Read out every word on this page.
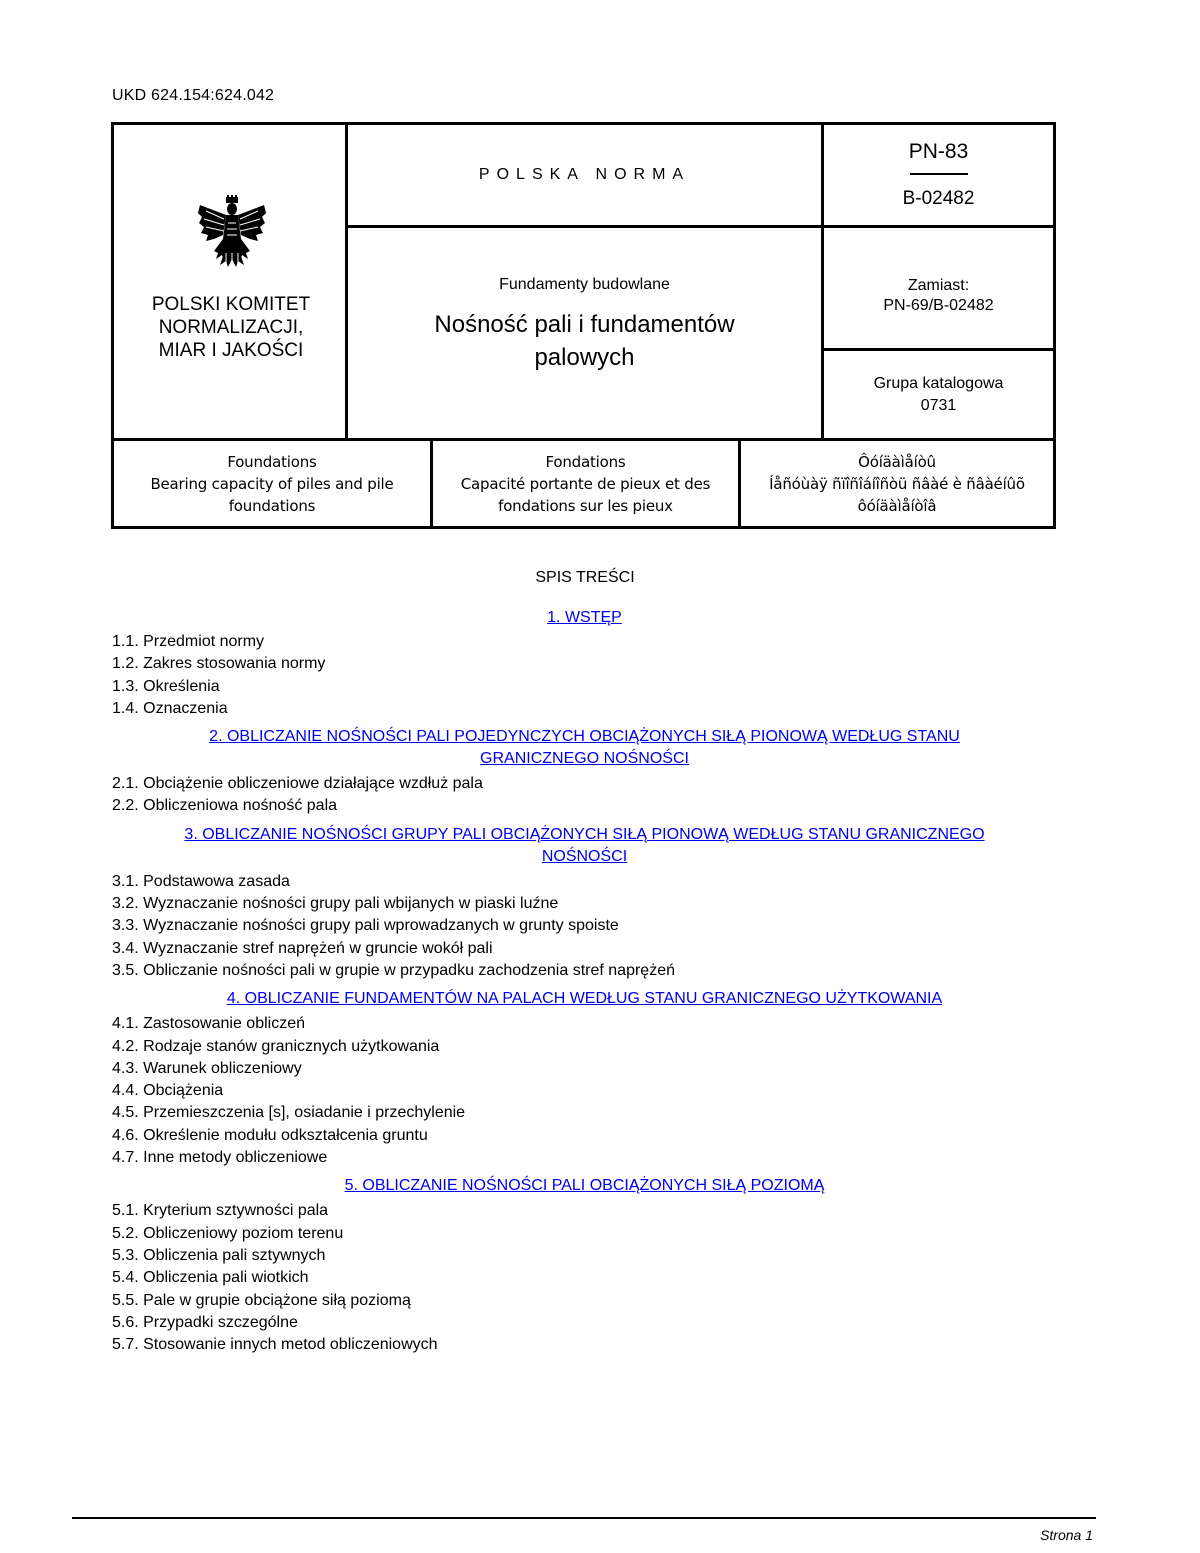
UKD 624.154:624.042
POLSKI KOMITET
NORMALIZACJI,
MIAR I JAKOŚCI
POLSKA NORMA
Fundamenty budowlane
Nośność pali i fundamentów
palowych
PN-83
B-02482
Zamiast:
PN-69/B-02482
Grupa katalogowa
0731
Foundations
Bearing capacity of piles and pile
foundations
Fondations
Capacité portante de pieux et des
fondations sur les pieux
Ôóíäàìåíòû
Íåñóùàÿ ñïîñîáíîñòü ñâàé è ñâàéíûõ
ôóíäàìåíòîâ
SPIS TREŚCI
1. WSTĘP
1.1. Przedmiot normy
1.2. Zakres stosowania normy
1.3. Określenia
1.4. Oznaczenia
2. OBLICZANIE NOŚNOŚCI PALI POJEDYNCZYCH OBCIĄŻONYCH SIŁĄ PIONOWĄ WEDŁUG STANU GRANICZNEGO NOŚNOŚCI
2.1. Obciążenie obliczeniowe działające wzdłuż pala
2.2. Obliczeniowa nośność pala
3. OBLICZANIE NOŚNOŚCI GRUPY PALI OBCIĄŻONYCH SIŁĄ PIONOWĄ WEDŁUG STANU GRANICZNEGO NOŚNOŚCI
3.1. Podstawowa zasada
3.2. Wyznaczanie nośności grupy pali wbijanych w piaski luźne
3.3. Wyznaczanie nośności grupy pali wprowadzanych w grunty spoiste
3.4. Wyznaczanie stref naprężeń w gruncie wokół pali
3.5. Obliczanie nośności pali w grupie w przypadku zachodzenia stref naprężeń
4. OBLICZANIE FUNDAMENTÓW NA PALACH WEDŁUG STANU GRANICZNEGO UŻYTKOWANIA
4.1. Zastosowanie obliczeń
4.2. Rodzaje stanów granicznych użytkowania
4.3. Warunek obliczeniowy
4.4. Obciążenia
4.5. Przemieszczenia [s], osiadanie i przechylenie
4.6. Określenie modułu odkształcenia gruntu
4.7. Inne metody obliczeniowe
5. OBLICZANIE NOŚNOŚCI PALI OBCIĄŻONYCH SIŁĄ POZIOMĄ
5.1. Kryterium sztywności pala
5.2. Obliczeniowy poziom terenu
5.3. Obliczenia pali sztywnych
5.4. Obliczenia pali wiotkich
5.5. Pale w grupie obciążone siłą poziomą
5.6. Przypadki szczególne
5.7. Stosowanie innych metod obliczeniowych
Strona 1
